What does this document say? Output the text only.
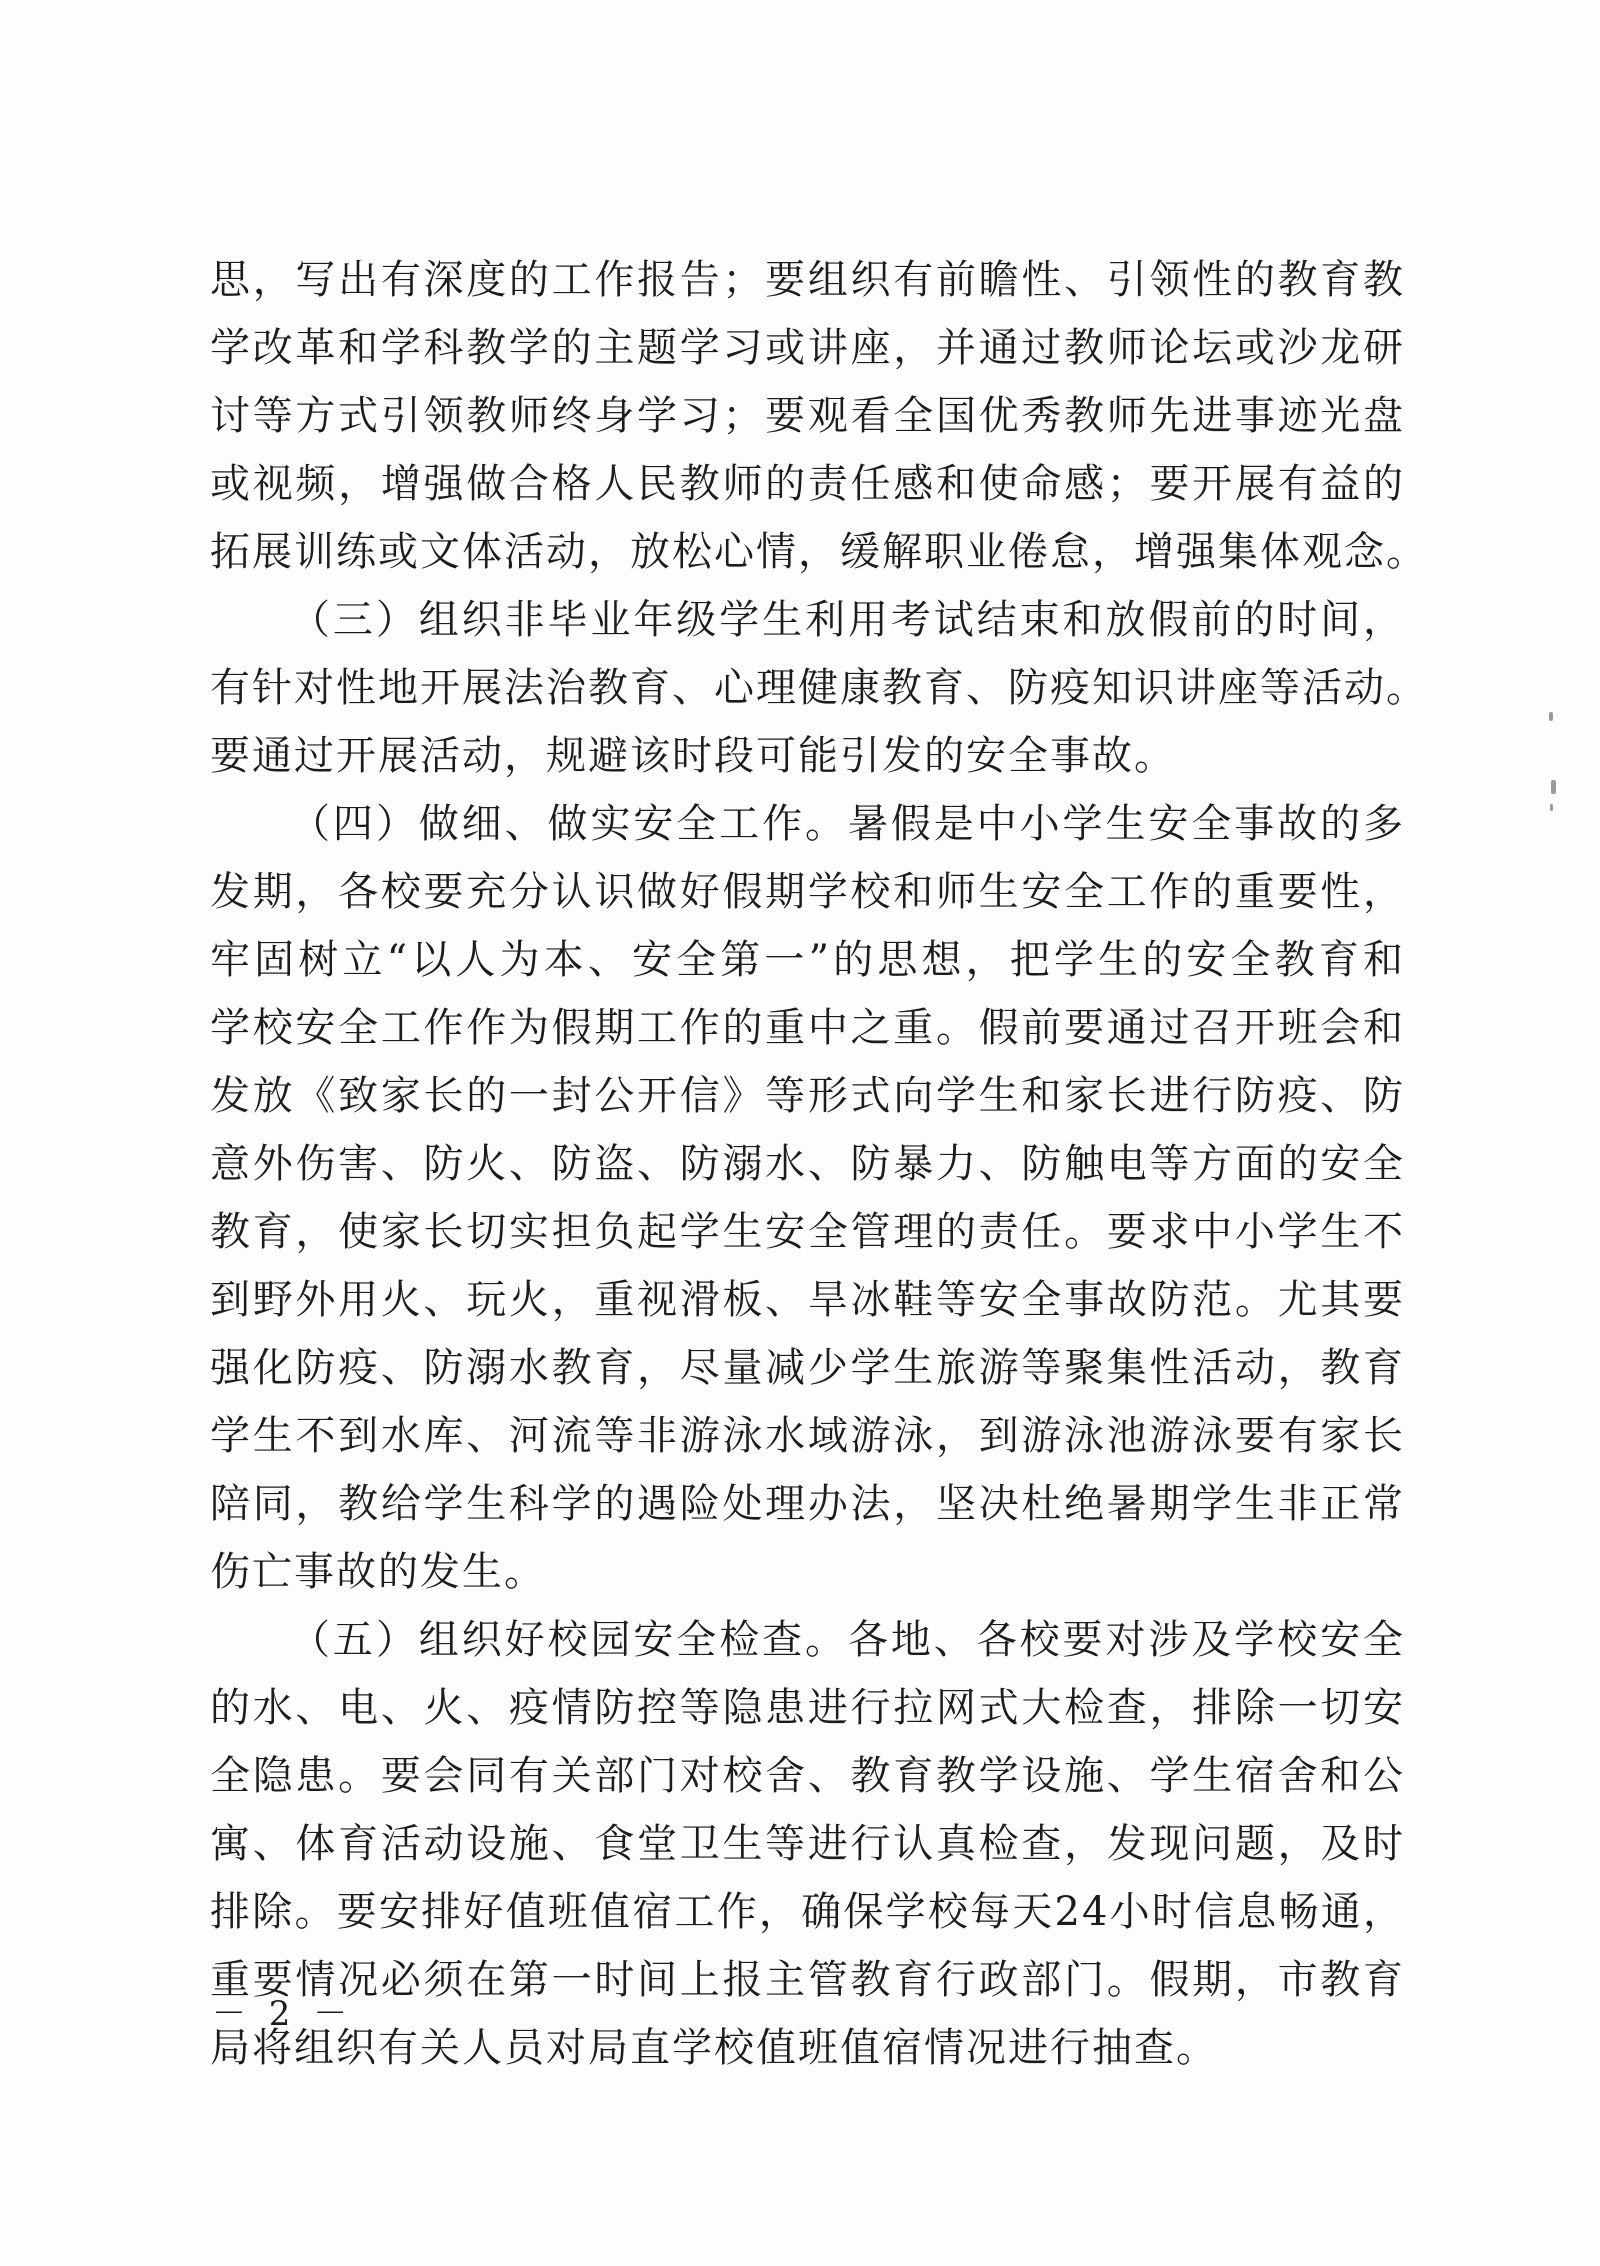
思，写出有深度的工作报告；要组织有前瞻性、引领性的教育教
学改革和学科教学的主题学习或讲座，并通过教师论坛或沙龙研
讨等方式引领教师终身学习；要观看全国优秀教师先进事迹光盘
或视频，增强做合格人民教师的责任感和使命感；要开展有益的
拓展训练或文体活动，放松心情，缓解职业倦怠，增强集体观念。
（三）组织非毕业年级学生利用考试结束和放假前的时间，
有针对性地开展法治教育、心理健康教育、防疫知识讲座等活动。
要通过开展活动，规避该时段可能引发的安全事故。
（四）做细、做实安全工作。暑假是中小学生安全事故的多
发期，各校要充分认识做好假期学校和师生安全工作的重要性，
牢固树立“以人为本、安全第一”的思想，把学生的安全教育和
学校安全工作作为假期工作的重中之重。假前要通过召开班会和
发放《致家长的一封公开信》等形式向学生和家长进行防疫、防
意外伤害、防火、防盗、防溺水、防暴力、防触电等方面的安全
教育，使家长切实担负起学生安全管理的责任。要求中小学生不
到野外用火、玩火，重视滑板、旱冰鞋等安全事故防范。尤其要
强化防疫、防溺水教育，尽量减少学生旅游等聚集性活动，教育
学生不到水库、河流等非游泳水域游泳，到游泳池游泳要有家长
陪同，教给学生科学的遇险处理办法，坚决杜绝暑期学生非正常
伤亡事故的发生。
（五）组织好校园安全检查。各地、各校要对涉及学校安全
的水、电、火、疫情防控等隐患进行拉网式大检查，排除一切安
全隐患。要会同有关部门对校舍、教育教学设施、学生宿舍和公
寓、体育活动设施、食堂卫生等进行认真检查，发现问题，及时
排除。要安排好值班值宿工作，确保学校每天24小时信息畅通，
重要情况必须在第一时间上报主管教育行政部门。假期，市教育
局将组织有关人员对局直学校值班值宿情况进行抽查。
－ 2 －
